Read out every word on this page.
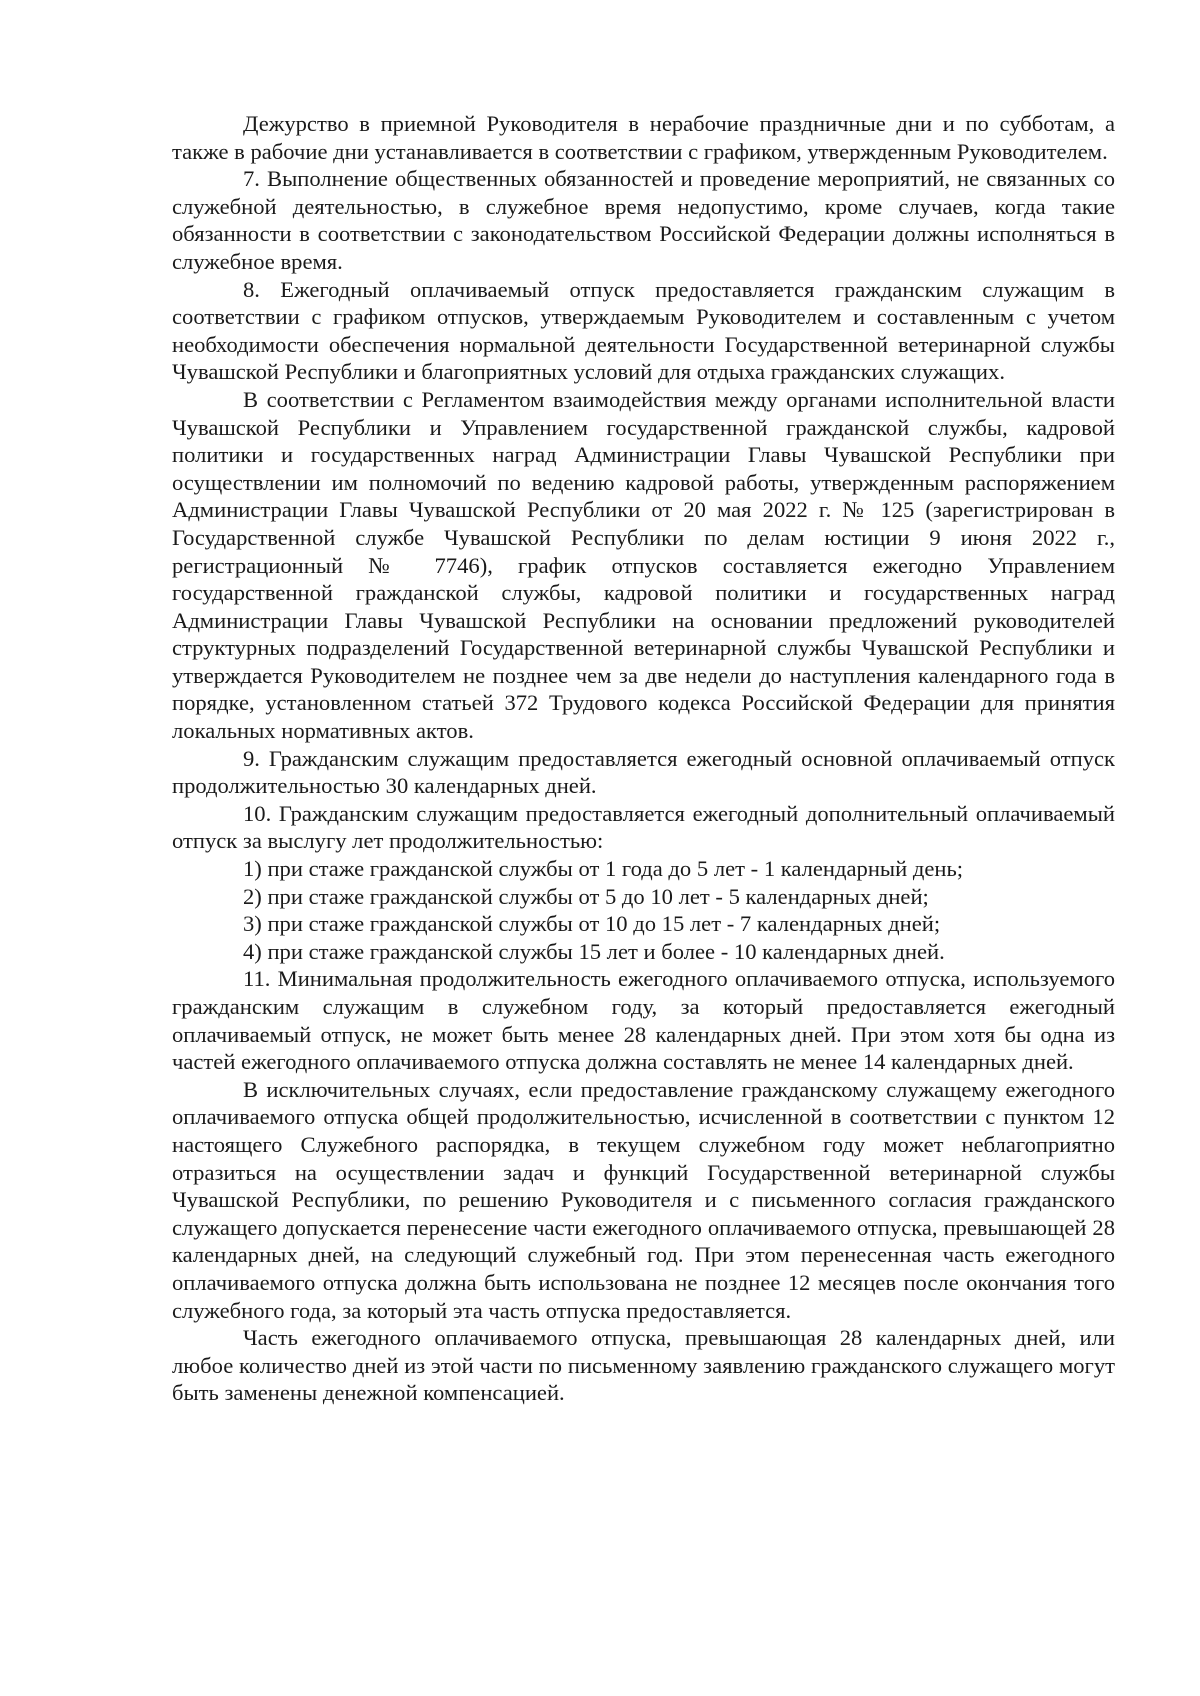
Дежурство в приемной Руководителя в нерабочие праздничные дни и по субботам, а также в рабочие дни устанавливается в соответствии с графиком, утвержденным Руководителем.

7. Выполнение общественных обязанностей и проведение мероприятий, не связанных со служебной деятельностью, в служебное время недопустимо, кроме случаев, когда такие обязанности в соответствии с законодательством Российской Федерации должны исполняться в служебное время.

8. Ежегодный оплачиваемый отпуск предоставляется гражданским служащим в соответствии с графиком отпусков, утверждаемым Руководителем и составленным с учетом необходимости обеспечения нормальной деятельности Государственной ветеринарной службы Чувашской Республики и благоприятных условий для отдыха гражданских служащих.

В соответствии с Регламентом взаимодействия между органами исполнительной власти Чувашской Республики и Управлением государственной гражданской службы, кадровой политики и государственных наград Администрации Главы Чувашской Республики при осуществлении им полномочий по ведению кадровой работы, утвержденным распоряжением Администрации Главы Чувашской Республики от 20 мая 2022 г. № 125 (зарегистрирован в Государственной службе Чувашской Республики по делам юстиции 9 июня 2022 г., регистрационный № 7746), график отпусков составляется ежегодно Управлением государственной гражданской службы, кадровой политики и государственных наград Администрации Главы Чувашской Республики на основании предложений руководителей структурных подразделений Государственной ветеринарной службы Чувашской Республики и утверждается Руководителем не позднее чем за две недели до наступления календарного года в порядке, установленном статьей 372 Трудового кодекса Российской Федерации для принятия локальных нормативных актов.

9. Гражданским служащим предоставляется ежегодный основной оплачиваемый отпуск продолжительностью 30 календарных дней.

10. Гражданским служащим предоставляется ежегодный дополнительный оплачиваемый отпуск за выслугу лет продолжительностью:

1) при стаже гражданской службы от 1 года до 5 лет - 1 календарный день;

2) при стаже гражданской службы от 5 до 10 лет - 5 календарных дней;

3) при стаже гражданской службы от 10 до 15 лет - 7 календарных дней;

4) при стаже гражданской службы 15 лет и более - 10 календарных дней.

11. Минимальная продолжительность ежегодного оплачиваемого отпуска, используемого гражданским служащим в служебном году, за который предоставляется ежегодный оплачиваемый отпуск, не может быть менее 28 календарных дней. При этом хотя бы одна из частей ежегодного оплачиваемого отпуска должна составлять не менее 14 календарных дней.

В исключительных случаях, если предоставление гражданскому служащему ежегодного оплачиваемого отпуска общей продолжительностью, исчисленной в соответствии с пунктом 12 настоящего Служебного распорядка, в текущем служебном году может неблагоприятно отразиться на осуществлении задач и функций Государственной ветеринарной службы Чувашской Республики, по решению Руководителя и с письменного согласия гражданского служащего допускается перенесение части ежегодного оплачиваемого отпуска, превышающей 28 календарных дней, на следующий служебный год. При этом перенесенная часть ежегодного оплачиваемого отпуска должна быть использована не позднее 12 месяцев после окончания того служебного года, за который эта часть отпуска предоставляется.

Часть ежегодного оплачиваемого отпуска, превышающая 28 календарных дней, или любое количество дней из этой части по письменному заявлению гражданского служащего могут быть заменены денежной компенсацией.
